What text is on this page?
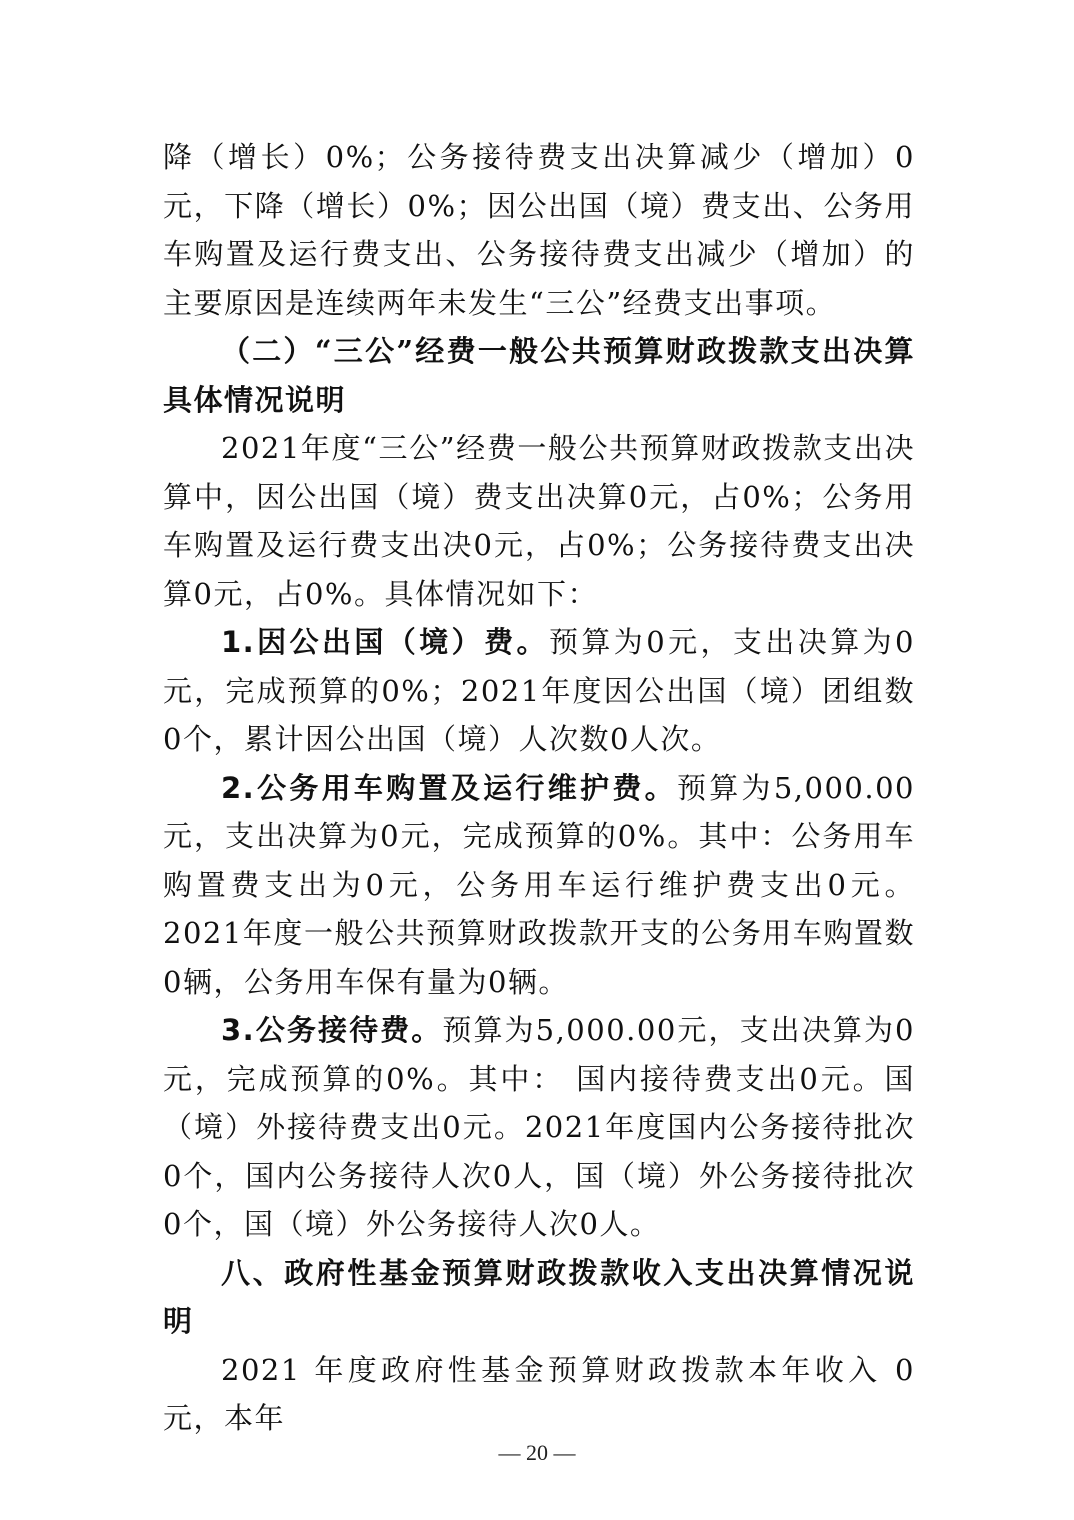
降（增长）0%；公务接待费支出决算减少（增加）0元，下降（增长）0%；因公出国（境）费支出、公务用车购置及运行费支出、公务接待费支出减少（增加）的主要原因是连续两年未发生“三公”经费支出事项。

（二）“三公”经费一般公共预算财政拨款支出决算具体情况说明

2021年度“三公”经费一般公共预算财政拨款支出决算中，因公出国（境）费支出决算0元，占0%；公务用车购置及运行费支出决0元，占0%；公务接待费支出决算0元，占0%。具体情况如下：

1.因公出国（境）费。预算为0元，支出决算为0元，完成预算的0%；2021年度因公出国（境）团组数0个，累计因公出国（境）人次数0人次。

2.公务用车购置及运行维护费。预算为5,000.00元，支出决算为0元，完成预算的0%。其中：公务用车购置费支出为0元，公务用车运行维护费支出0元。2021年度一般公共预算财政拨款开支的公务用车购置数0辆，公务用车保有量为0辆。

3.公务接待费。预算为5,000.00元，支出决算为0元，完成预算的0%。其中： 国内接待费支出0元。国（境）外接待费支出0元。2021年度国内公务接待批次0个，国内公务接待人次0人，国（境）外公务接待批次0个，国（境）外公务接待人次0人。

八、政府性基金预算财政拨款收入支出决算情况说明

2021 年度政府性基金预算财政拨款本年收入 0 元，本年

— 20 —
